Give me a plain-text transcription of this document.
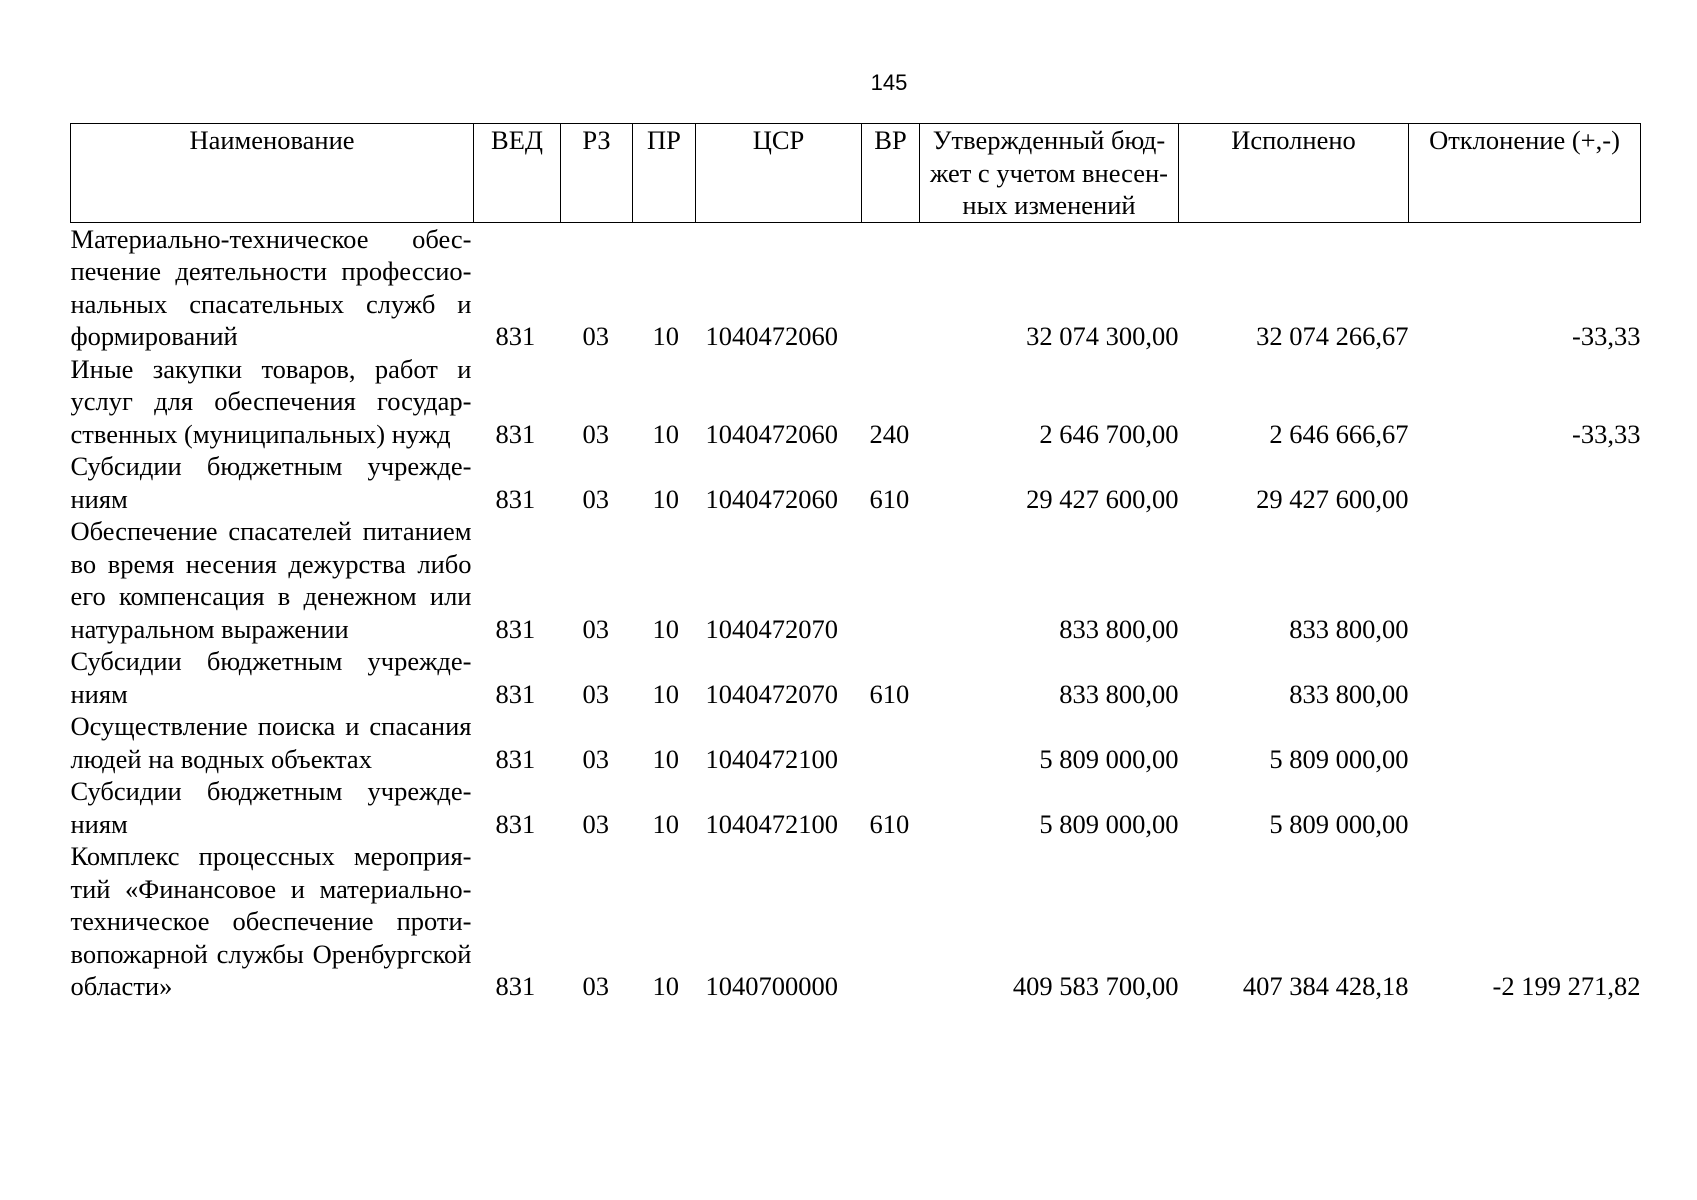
145
Наименование	ВЕД	РЗ	ПР	ЦСР	ВР	Утвержденный бюд-
жет с учетом внесен-
ных изменений	Исполнено	Отклонение (+,-)
Материально-техническое обеспечение деятельности профессиональных спасательных служб и формирований	831	03	10	1040472060		32 074 300,00	32 074 266,67	-33,33
Иные закупки товаров, работ и услуг для обеспечения государственных (муниципальных) нужд	831	03	10	1040472060	240	2 646 700,00	2 646 666,67	-33,33
Субсидии бюджетным учреждениям	831	03	10	1040472060	610	29 427 600,00	29 427 600,00	
Обеспечение спасателей питанием во время несения дежурства либо его компенсация в денежном или натуральном выражении	831	03	10	1040472070		833 800,00	833 800,00	
Субсидии бюджетным учреждениям	831	03	10	1040472070	610	833 800,00	833 800,00	
Осуществление поиска и спасания людей на водных объектах	831	03	10	1040472100		5 809 000,00	5 809 000,00	
Субсидии бюджетным учреждениям	831	03	10	1040472100	610	5 809 000,00	5 809 000,00	
Комплекс процессных мероприятий «Финансовое и материально-техническое обеспечение противопожарной службы Оренбургской области»	831	03	10	1040700000		409 583 700,00	407 384 428,18	-2 199 271,82
